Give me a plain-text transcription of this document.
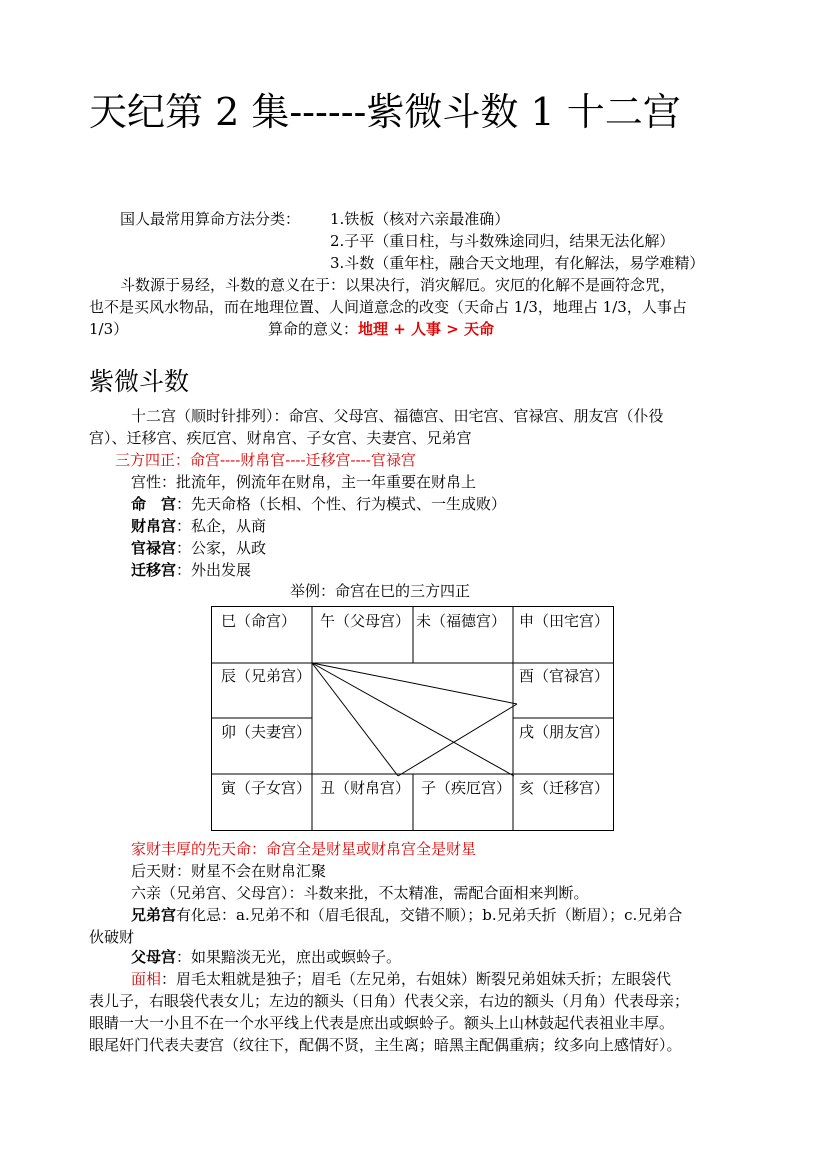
天纪第 2 集------紫微斗数 1 十二宫
国人最常用算命方法分类： 1.铁板（核对六亲最准确）
2.子平（重日柱，与斗数殊途同归，结果无法化解）
3.斗数（重年柱，融合天文地理，有化解法，易学难精）
斗数源于易经，斗数的意义在于：以果决行，消灾解厄。灾厄的化解不是画符念咒，
也不是买风水物品，而在地理位置、人间道意念的改变（天命占 1/3，地理占 1/3，人事占
1/3）	算命的意义：地理 + 人事 > 天命
紫微斗数
十二宫（顺时针排列）：命宫、父母宫、福德宫、田宅宫、官禄宫、朋友宫（仆役
宫）、迁移宫、疾厄宫、财帛宫、子女宫、夫妻宫、兄弟宫
三方四正：命宫----财帛官----迁移宫----官禄宫
宫性：批流年，例流年在财帛，主一年重要在财帛上
命　宫：先天命格（长相、个性、行为模式、一生成败）
财帛宫：私企，从商
官禄宫：公家，从政
迁移宫：外出发展
举例：命宫在巳的三方四正
巳（命宫） 午（父母宫） 未（福德宫） 申（田宅宫）
辰（兄弟宫）
卯（夫妻宫）
酉（官禄宫）
戌（朋友宫）
寅（子女宫） 丑（财帛宫） 子（疾厄宫） 亥（迁移宫）
家财丰厚的先天命：命宫全是财星或财帛宫全是财星
后天财：财星不会在财帛汇聚
六亲（兄弟宫、父母宫）：斗数来批，不太精准，需配合面相来判断。
兄弟宫有化忌：a.兄弟不和（眉毛很乱，交错不顺）；b.兄弟夭折（断眉）；c.兄弟合
伙破财
父母宫：如果黯淡无光，庶出或螟蛉子。
面相：眉毛太粗就是独子；眉毛（左兄弟，右姐妹）断裂兄弟姐妹夭折；左眼袋代
表儿子，右眼袋代表女儿；左边的额头（日角）代表父亲，右边的额头（月角）代表母亲；
眼睛一大一小且不在一个水平线上代表是庶出或螟蛉子。额头上山林鼓起代表祖业丰厚。
眼尾奸门代表夫妻宫（纹往下，配偶不贤，主生离；暗黑主配偶重病；纹多向上感情好）。
